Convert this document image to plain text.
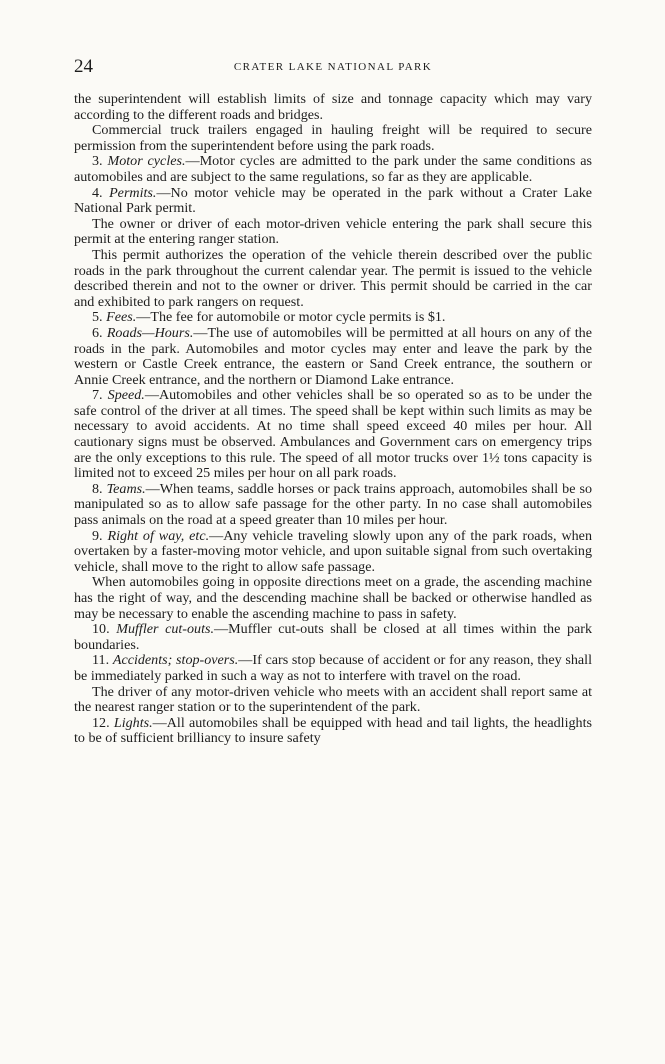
24	CRATER LAKE NATIONAL PARK

the superintendent will establish limits of size and tonnage capacity which may vary according to the different roads and bridges.

Commercial truck trailers engaged in hauling freight will be required to secure permission from the superintendent before using the park roads.

3. Motor cycles.—Motor cycles are admitted to the park under the same conditions as automobiles and are subject to the same regulations, so far as they are applicable.

4. Permits.—No motor vehicle may be operated in the park without a Crater Lake National Park permit.

The owner or driver of each motor-driven vehicle entering the park shall secure this permit at the entering ranger station.

This permit authorizes the operation of the vehicle therein described over the public roads in the park throughout the current calendar year. The permit is issued to the vehicle described therein and not to the owner or driver. This permit should be carried in the car and exhibited to park rangers on request.

5. Fees.—The fee for automobile or motor cycle permits is $1.

6. Roads—Hours.—The use of automobiles will be permitted at all hours on any of the roads in the park. Automobiles and motor cycles may enter and leave the park by the western or Castle Creek entrance, the eastern or Sand Creek entrance, the southern or Annie Creek entrance, and the northern or Diamond Lake entrance.

7. Speed.—Automobiles and other vehicles shall be so operated so as to be under the safe control of the driver at all times. The speed shall be kept within such limits as may be necessary to avoid accidents. At no time shall speed exceed 40 miles per hour. All cautionary signs must be observed. Ambulances and Government cars on emergency trips are the only exceptions to this rule. The speed of all motor trucks over 1½ tons capacity is limited not to exceed 25 miles per hour on all park roads.

8. Teams.—When teams, saddle horses or pack trains approach, automobiles shall be so manipulated so as to allow safe passage for the other party. In no case shall automobiles pass animals on the road at a speed greater than 10 miles per hour.

9. Right of way, etc.—Any vehicle traveling slowly upon any of the park roads, when overtaken by a faster-moving motor vehicle, and upon suitable signal from such overtaking vehicle, shall move to the right to allow safe passage.

When automobiles going in opposite directions meet on a grade, the ascending machine has the right of way, and the descending machine shall be backed or otherwise handled as may be necessary to enable the ascending machine to pass in safety.

10. Muffler cut-outs.—Muffler cut-outs shall be closed at all times within the park boundaries.

11. Accidents; stop-overs.—If cars stop because of accident or for any reason, they shall be immediately parked in such a way as not to interfere with travel on the road.

The driver of any motor-driven vehicle who meets with an accident shall report same at the nearest ranger station or to the superintendent of the park.

12. Lights.—All automobiles shall be equipped with head and tail lights, the headlights to be of sufficient brilliancy to insure safety
